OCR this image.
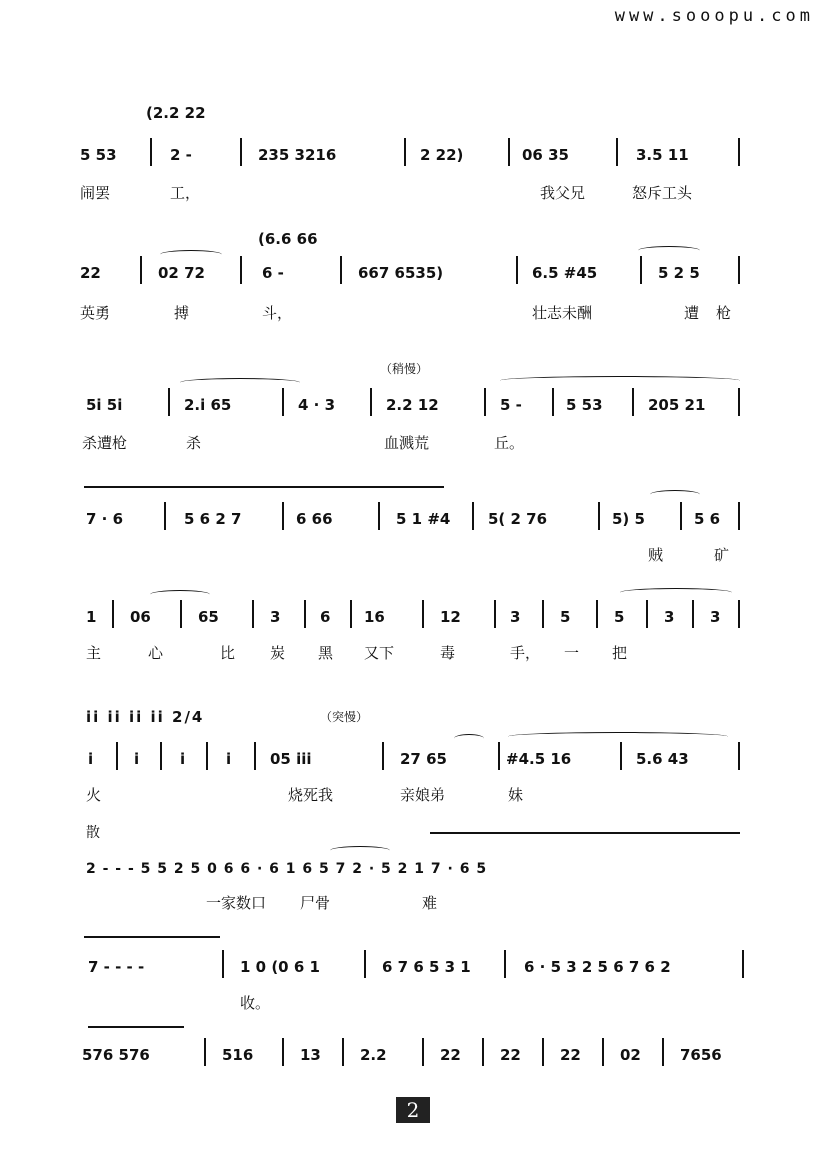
www.sooopu.com
(2.2 22
5 53	2 -	235 3216	2 22)	06 35	3.5 11
闹罢	工，	我父兄	怒斥工头
(6.6 66
22	02 72	6 -	667 6535)	6.5 #45	5 2 5
英勇	搏	斗，	壮志未酬	遭 枪
（稍慢）
5i 5i	2.i 65	4 · 3	2.2 12	5 -	5 53	205 21
杀遭枪	杀	血溅荒	丘。
7 · 6	5 6 2 7	6 66	5 1 #4	5( 2 76	5) 5	5 6
贼	矿
1 06	65	3	6 16	12	3	5	5	3 3
主	心	比 炭 黑 又下	毒	手， 一 把
ii ii ii ii 2/4	（突慢）
i	i	i	i	05 iii	27 65	#4.5 16	5.6 43
火	烧死我	亲娘弟	妹
散
2 - - - 5 5 2 5 0 6 6 · 6 1 6 5 7 2 · 5 2 1 7 · 6 5
一家数口 尸骨	难
7 - - - -	1 0 (0 6 1	6 7 6 5 3 1	6 · 5 3 2 5 6 7 6 2
收。
576 576	516	13	2.2	22	22	22	02	7656
2
